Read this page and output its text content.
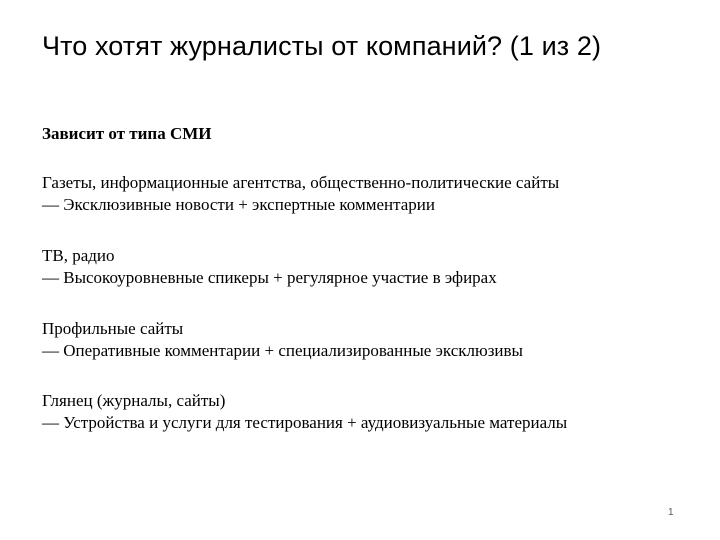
Что хотят журналисты от компаний? (1 из 2)
Зависит от типа СМИ
Газеты, информационные агентства, общественно-политические сайты
— Эксклюзивные новости + экспертные комментарии
ТВ, радио
— Высокоуровневные спикеры + регулярное участие в эфирах
Профильные сайты
— Оперативные комментарии + специализированные эксклюзивы
Глянец (журналы, сайты)
— Устройства и услуги для тестирования + аудиовизуальные материалы
1
